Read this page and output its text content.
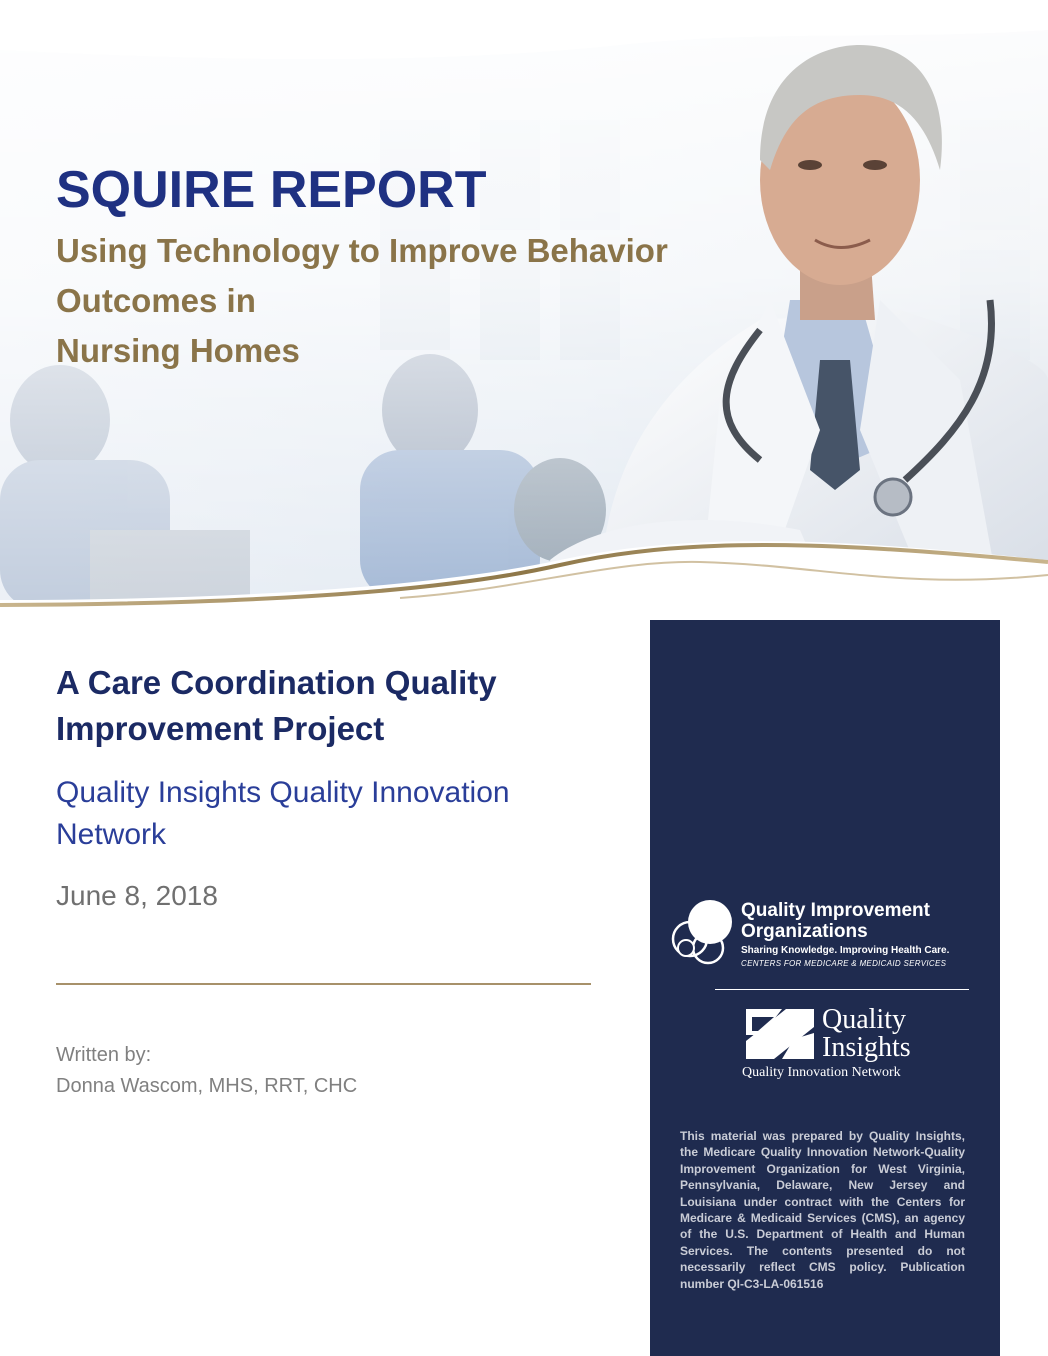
SQUIRE REPORT
Using Technology to Improve Behavior
Outcomes in
Nursing Homes
A Care Coordination Quality
Improvement Project
Quality Insights Quality Innovation
Network
June 8, 2018
Written by:
Donna Wascom, MHS, RRT, CHC
Quality Improvement
Organizations
Sharing Knowledge. Improving Health Care.
CENTERS FOR MEDICARE & MEDICAID SERVICES
Quality
Insights
Quality Innovation Network
This material was prepared by Quality Insights, the Medicare Quality Innovation Network-Quality Improvement Organization for West Virginia, Pennsylvania, Delaware, New Jersey and Louisiana under contract with the Centers for Medicare & Medicaid Services (CMS), an agency of the U.S. Department of Health and Human Services. The contents presented do not necessarily reflect CMS policy. Publication number QI-C3-LA-061516
